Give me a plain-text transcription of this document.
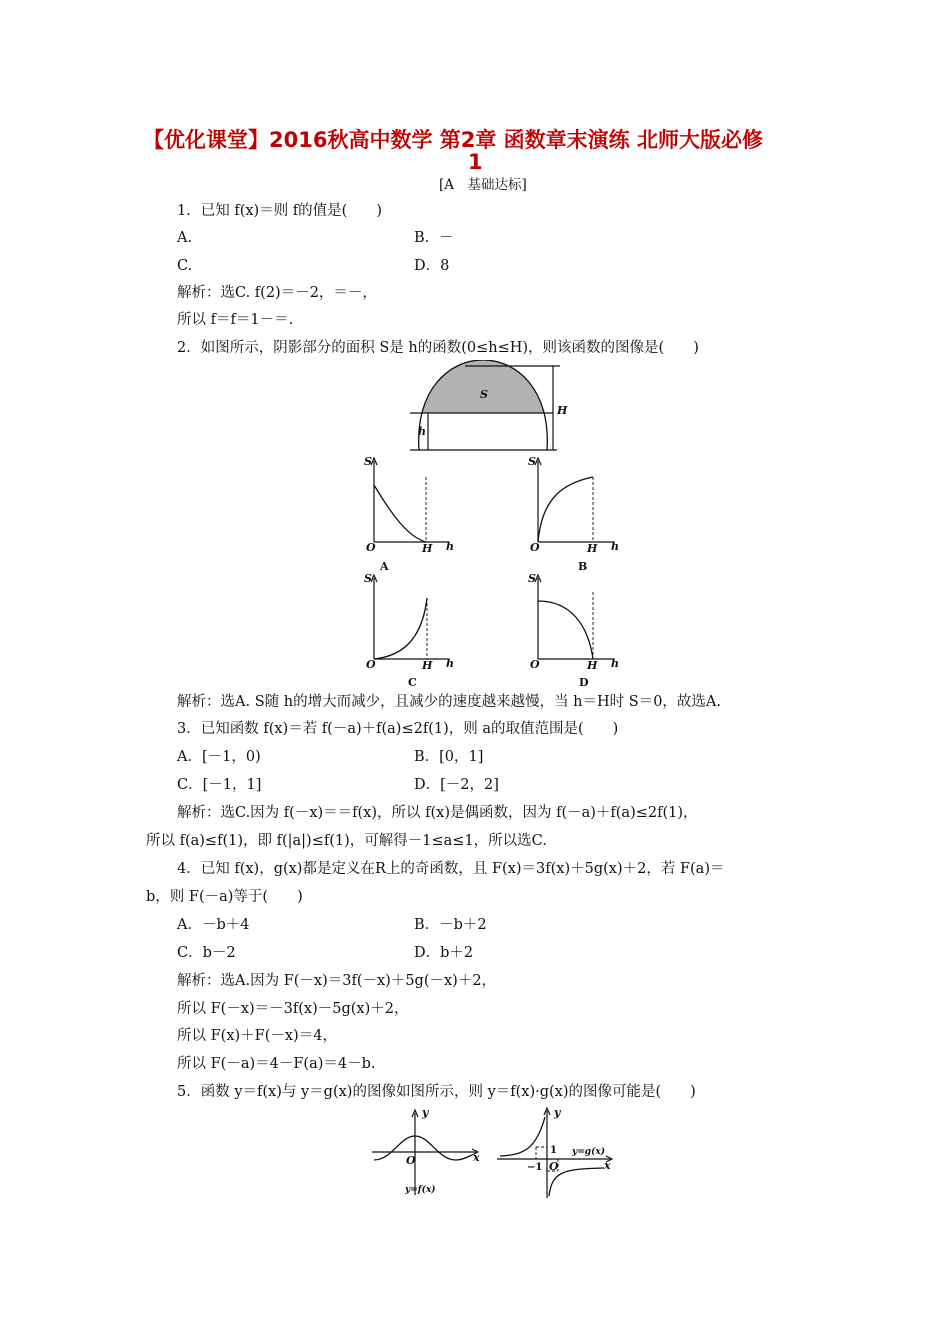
【优化课堂】2016秋高中数学 第2章 函数章末演练 北师大版必修
1
[A　基础达标]
1．已知 f(x)＝则 f的值是(　　)
A.	B．－
C.	D．8
解析：选C. f(2)＝－2，＝－，
所以 f＝f＝1－＝.
2．如图所示，阴影部分的面积 S是 h的函数(0≤h≤H)，则该函数的图像是(　　)
S
H
h
S
O	H h
A
S
O	H h
B
S
O	H h
C
S
O	H h
D
解析：选A. S随 h的增大而减少，且减少的速度越来越慢，当 h＝H时 S＝0，故选A.
3．已知函数 f(x)＝若 f(－a)＋f(a)≤2f(1)，则 a的取值范围是(　　)
A．[－1，0)	B．[0，1]
C．[－1，1]	D．[－2，2]
解析：选C.因为 f(－x)＝＝f(x)，所以 f(x)是偶函数，因为 f(－a)＋f(a)≤2f(1)，
所以 f(a)≤f(1)，即 f(|a|)≤f(1)，可解得－1≤a≤1，所以选C.
4．已知 f(x)，g(x)都是定义在R上的奇函数，且 F(x)＝3f(x)＋5g(x)＋2，若 F(a)＝
b，则 F(－a)等于(　　)
A．－b＋4	B．－b＋2
C．b－2	D．b＋2
解析：选A.因为 F(－x)＝3f(－x)＋5g(－x)＋2，
所以 F(－x)＝－3f(x)－5g(x)＋2，
所以 F(x)＋F(－x)＝4，
所以 F(－a)＝4－F(a)＝4－b.
5．函数 y＝f(x)与 y＝g(x)的图像如图所示，则 y＝f(x)·g(x)的图像可能是(　　)
y
x
O
y=f(x)
y
x
O
1
−1
y=g(x)
